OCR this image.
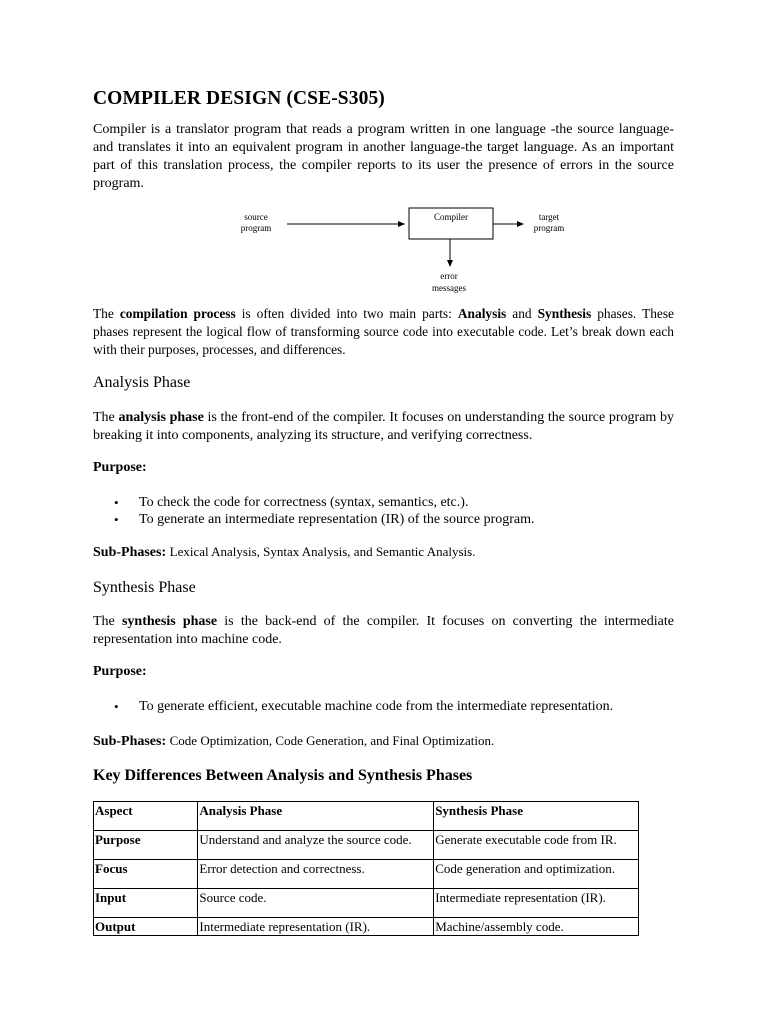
COMPILER DESIGN (CSE-S305)

Compiler is a translator program that reads a program written in one language -the source language- and translates it into an equivalent program in another language-the target language. As an important part of this translation process, the compiler reports to its user the presence of errors in the source program.

source
program
Compiler	target
program
error
messages

The compilation process is often divided into two main parts: Analysis and Synthesis phases. These phases represent the logical flow of transforming source code into executable code. Let’s break down each with their purposes, processes, and differences.

Analysis Phase

The analysis phase is the front-end of the compiler. It focuses on understanding the source program by breaking it into components, analyzing its structure, and verifying correctness.

Purpose:

• To check the code for correctness (syntax, semantics, etc.).
• To generate an intermediate representation (IR) of the source program.

Sub-Phases: Lexical Analysis, Syntax Analysis, and Semantic Analysis.

Synthesis Phase

The synthesis phase is the back-end of the compiler. It focuses on converting the intermediate representation into machine code.

Purpose:

• To generate efficient, executable machine code from the intermediate representation.

Sub-Phases: Code Optimization, Code Generation, and Final Optimization.

Key Differences Between Analysis and Synthesis Phases
Aspect	Analysis Phase	Synthesis Phase
Purpose	Understand and analyze the source code.	Generate executable code from IR.
Focus	Error detection and correctness.	Code generation and optimization.
Input	Source code.	Intermediate representation (IR).
Output	Intermediate representation (IR).	Machine/assembly code.
